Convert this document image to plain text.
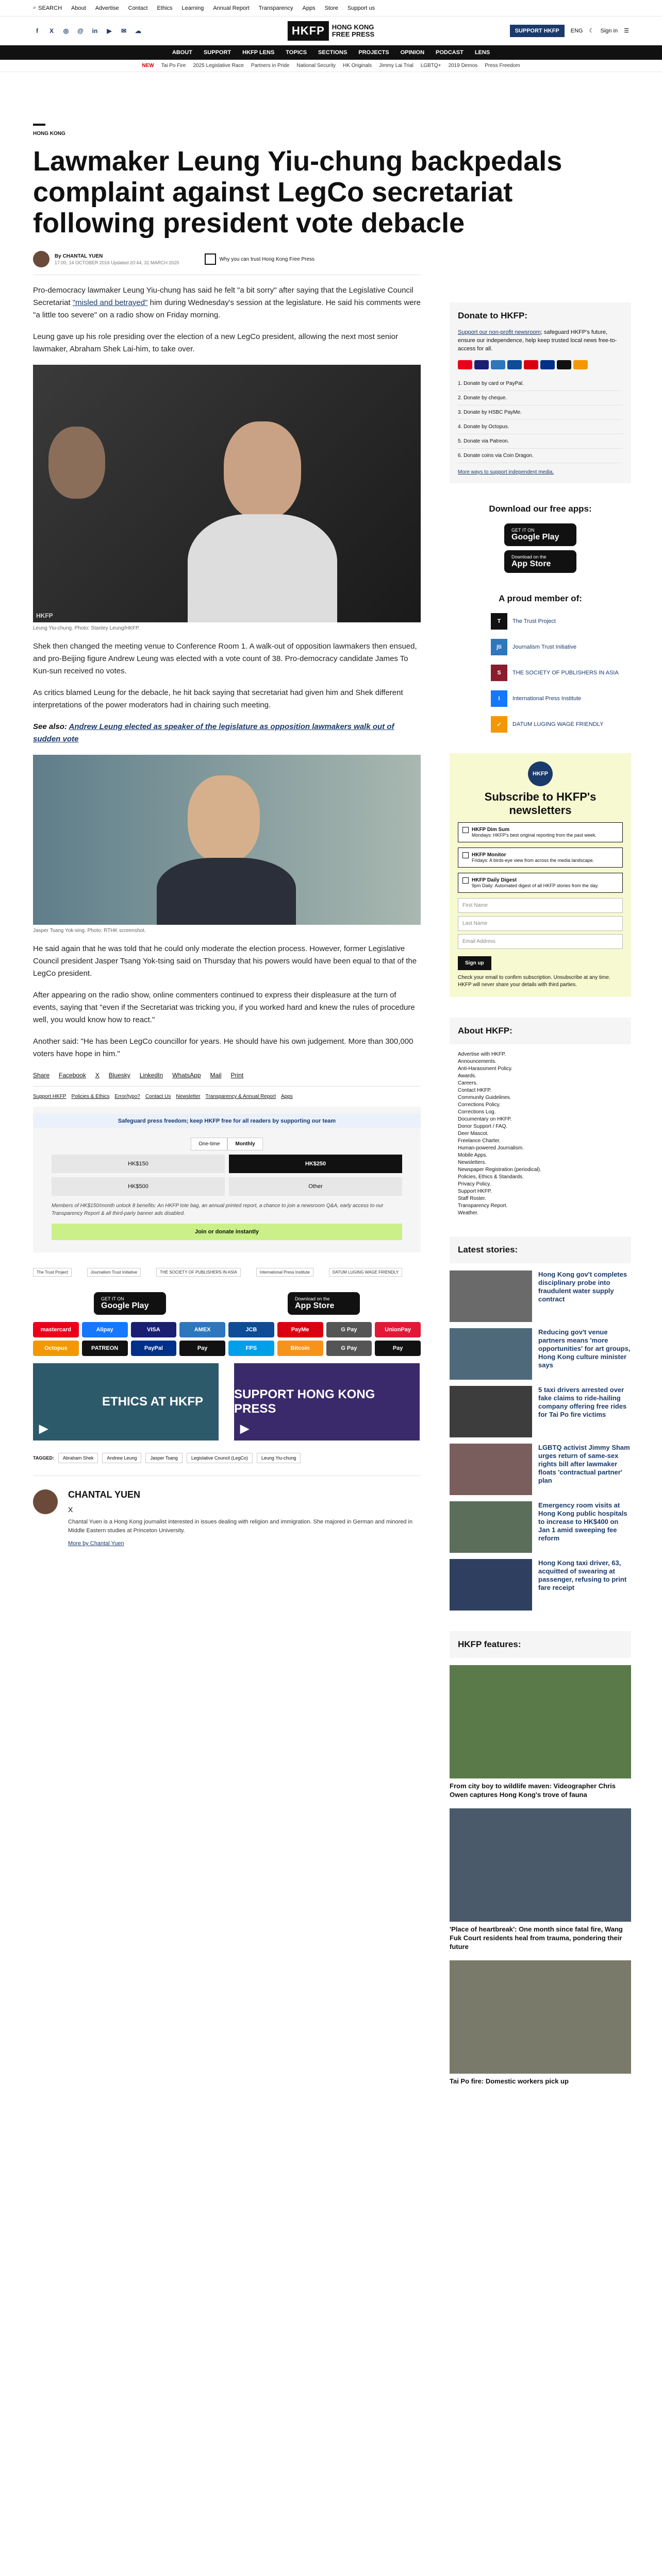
⌕ SEARCH About Advertise Contact Ethics Learning Annual Report Transparency Apps Store Support us
f	X	◎ @ in ▶ ✉ ☁	HKFP	HONG KONG
FREE PRESS	SUPPORT HKFP	ENG ☾ Sign in ☰
ABOUT SUPPORT HKFP LENS TOPICS SECTIONS PROJECTS OPINION PODCAST LENS
NEW Tai Po Fire 2025 Legislative Race Partners in Pride National Security HK Originals Jimmy Lai Trial LGBTQ+ 2019 Demos Press Freedom
HONG KONG
Lawmaker Leung Yiu-chung backpedals complaint against LegCo secretariat following president vote debacle
By CHANTAL YUEN
17:00, 14 OCTOBER 2016 Updated 20:44, 31 MARCH 2020
Why you can trust Hong Kong Free Press

Pro-democracy lawmaker Leung Yiu-chung has said he felt "a bit sorry" after saying that the Legislative Council Secretariat "misled and betrayed" him during Wednesday's session at the legislature. He said his comments were "a little too severe" on a radio show on Friday morning.

Leung gave up his role presiding over the election of a new LegCo president, allowing the next most senior lawmaker, Abraham Shek Lai-him, to take over.

HKFP
Leung Yiu-chung. Photo: Stanley Leung/HKFP.

Shek then changed the meeting venue to Conference Room 1. A walk-out of opposition lawmakers then ensued, and pro-Beijing figure Andrew Leung was elected with a vote count of 38. Pro-democracy candidate James To Kun-sun received no votes.

As critics blamed Leung for the debacle, he hit back saying that secretariat had given him and Shek different interpretations of the power moderators had in chairing such meeting.

See also: Andrew Leung elected as speaker of the legislature as opposition lawmakers walk out of sudden vote
Jasper Tsang Yok-sing. Photo: RTHK screenshot.

He said again that he was told that he could only moderate the election process. However, former Legislative Council president Jasper Tsang Yok-tsing said on Thursday that his powers would have been equal to that of the LegCo president.

After appearing on the radio show, online commenters continued to express their displeasure at the turn of events, saying that "even if the Secretariat was tricking you, if you worked hard and knew the rules of procedure well, you would know how to react."

Another said: "He has been LegCo councillor for years. He should have his own judgement. More than 300,000 voters have hope in him."

Share Facebook X Bluesky LinkedIn WhatsApp Mail Print
Support HKFP Policies & Ethics Error/typo? Contact Us Newsletter Transparency & Annual Report Apps
Safeguard press freedom; keep HKFP free for all readers by supporting our team
One-time	Monthly
HK$150	HK$250
HK$500	Other
Members of HK$150/month unlock 8 benefits: An HKFP tote bag, an annual printed report, a chance to join a newsroom Q&A, early access to our Transparency Report & all third-party banner ads disabled.
Join or donate instantly
The Trust Project	Journalism Trust Initiative	THE SOCIETY OF PUBLISHERS IN ASIA	International Press Institute	DATUM LUGING WAGE FRIENDLY
GET IT ON
Google Play
Download on the
App Store
mastercard	Alipay	VISA	AMEX	JCB	PayMe	G Pay	UnionPay
Octopus	PATREON	PayPal	Pay	FPS	Bitcoin	G Pay	Pay
▶
ETHICS AT HKFP
▶
SUPPORT HONG KONG PRESS
TAGGED:	Abraham Shek	Andrew Leung	Jasper Tsang	Legislative Council (LegCo)	Leung Yiu-chung
CHANTAL YUEN
X

Chantal Yuen is a Hong Kong journalist interested in issues dealing with religion and immigration. She majored in German and minored in Middle Eastern studies at Princeton University.

More by Chantal Yuen

Donate to HKFP:

Support our non-profit newsroom; safeguard HKFP's future, ensure our independence, help keep trusted local news free-to-access for all.

1. Donate by card or PayPal.
2. Donate by cheque.
3. Donate by HSBC PayMe.
4. Donate by Octopus.
5. Donate via Patreon.
6. Donate coins via Coin Dragon.
More ways to support independent media.
Download our free apps:
GET IT ON
Google Play
Download on the
App Store
A proud member of:
T	The Trust Project
jti	Journalism Trust Initiative
S	THE SOCIETY OF PUBLISHERS IN ASIA
I	International Press Institute
✓	DATUM LUGING WAGE FRIENDLY
HKFP
Subscribe to HKFP's newsletters
HKFP Dim Sum
Mondays: HKFP's best original reporting from the past week.
HKFP Monitor
Fridays: A birds-eye view from across the media landscape.
HKFP Daily Digest
9pm Daily: Automated digest of all HKFP stories from the day.
First Name
Last Name
Email Address
Sign up

Check your email to confirm subscription. Unsubscribe at any time. HKFP will never share your details with third parties.

About HKFP:
Advertise with HKFP.
Announcements.
Anti-Harassment Policy.
Awards.
Careers.
Contact HKFP.
Community Guidelines.
Corrections Policy.
Corrections Log.
Documentary on HKFP.
Donor Support / FAQ.
Deer Mascot.
Freelance Charter.
Human-powered Journalism.
Mobile Apps.
Newsletters.
Newspaper Registration (periodical).
Policies, Ethics & Standards.
Privacy Policy.
Support HKFP.
Staff Roster.
Transparency Report.
Weather.
Latest stories:
Hong Kong gov't completes disciplinary probe into fraudulent water supply contract
Reducing gov't venue partners means 'more opportunities' for art groups, Hong Kong culture minister says
5 taxi drivers arrested over fake claims to ride-hailing company offering free rides for Tai Po fire victims
LGBTQ activist Jimmy Sham urges return of same-sex rights bill after lawmaker floats 'contractual partner' plan
Emergency room visits at Hong Kong public hospitals to increase to HK$400 on Jan 1 amid sweeping fee reform
Hong Kong taxi driver, 63, acquitted of swearing at passenger, refusing to print fare receipt
HKFP features:
From city boy to wildlife maven: Videographer Chris Owen captures Hong Kong's trove of fauna
'Place of heartbreak': One month since fatal fire, Wang Fuk Court residents heal from trauma, pondering their future
Tai Po fire: Domestic workers pick up
